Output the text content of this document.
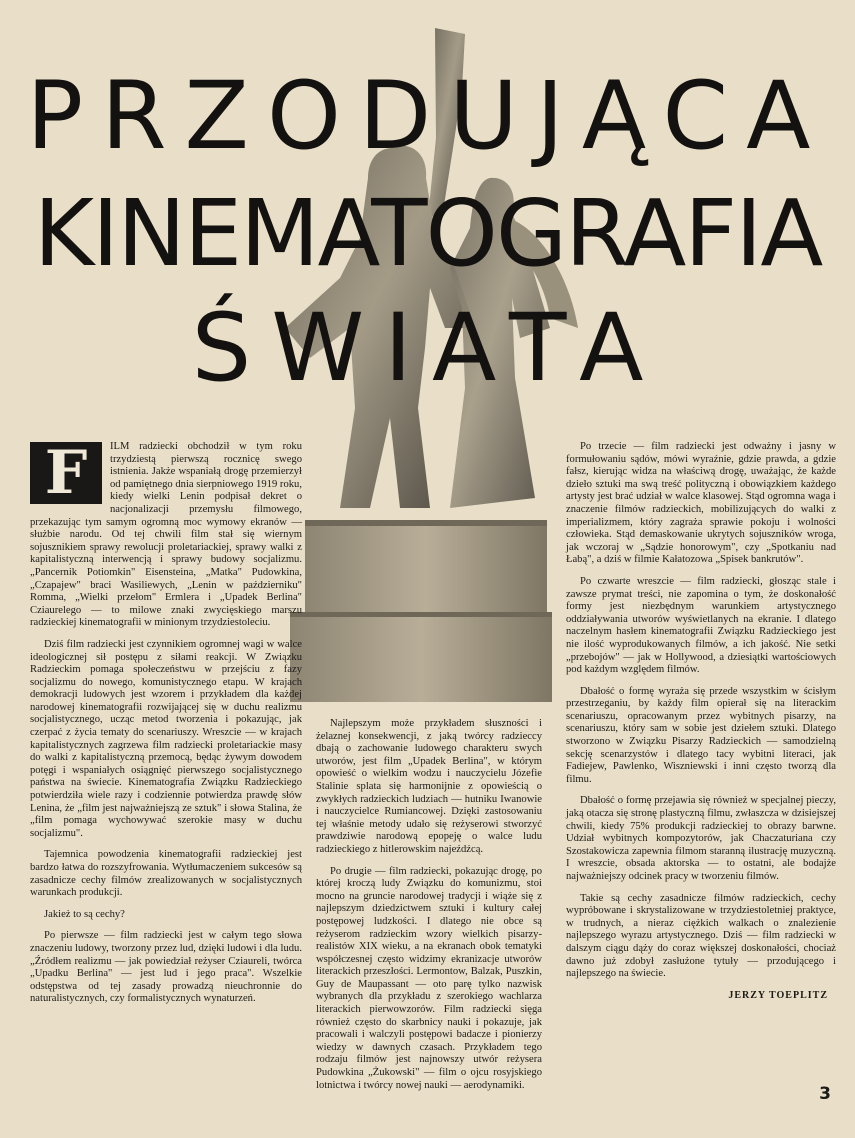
PRZODUJĄCA
KINEMATOGRAFIA
ŚWIATA

F	ILM radziecki obchodził w tym roku trzydziestą pierwszą rocznicę swego istnienia. Jakże wspaniałą drogę przemierzył od pamiętnego dnia sierpniowego 1919 roku, kiedy wielki Lenin podpisał dekret o nacjonalizacji przemysłu filmowego, przekazując tym samym ogromną moc wymowy ekranów — służbie narodu. Od tej chwili film stał się wiernym sojusznikiem sprawy rewolucji proletariackiej, sprawy walki z kapitalistyczną interwencją i sprawy budowy socjalizmu. „Pancernik Potiomkin" Eisensteina, „Matka" Pudowkina, „Czapajew" braci Wasiliewych, „Lenin w październiku" Romma, „Wielki przełom" Ermlera i „Upadek Berlina" Cziaurelego — to milowe znaki zwycięskiego marszu radzieckiej kinematografii w minionym trzydziestoleciu.

Dziś film radziecki jest czynnikiem ogromnej wagi w walce ideologicznej sił postępu z siłami reakcji. W Związku Radzieckim pomaga społeczeństwu w przejściu z fazy socjalizmu do nowego, komunistycznego etapu. W krajach demokracji ludowych jest wzorem i przykładem dla każdej narodowej kinematografii rozwijającej się w duchu realizmu socjalistycznego, ucząc metod tworzenia i pokazując, jak czerpać z życia tematy do scenariuszy. Wreszcie — w krajach kapitalistycznych zagrzewa film radziecki proletariackie masy do walki z kapitalistyczną przemocą, będąc żywym dowodem potęgi i wspaniałych osiągnięć pierwszego socjalistycznego państwa na świecie. Kinematografia Związku Radzieckiego potwierdziła wiele razy i codziennie potwierdza prawdę słów Lenina, że „film jest najważniejszą ze sztuk" i słowa Stalina, że „film pomaga wychowywać szerokie masy w duchu socjalizmu".

Tajemnica powodzenia kinematografii radzieckiej jest bardzo łatwa do rozszyfrowania. Wytłumaczeniem sukcesów są zasadnicze cechy filmów zrealizowanych w socjalistycznych warunkach produkcji.

Jakież to są cechy?

Po pierwsze — film radziecki jest w całym tego słowa znaczeniu ludowy, tworzony przez lud, dzięki ludowi i dla ludu. „Źródłem realizmu — jak powiedział reżyser Cziaureli, twórca „Upadku Berlina" — jest lud i jego praca". Wszelkie odstępstwa od tej zasady prowadzą nieuchronnie do naturalistycznych, czy formalistycznych wynaturzeń.

Najlepszym może przykładem słuszności i żelaznej konsekwencji, z jaką twórcy radzieccy dbają o zachowanie ludowego charakteru swych utworów, jest film „Upadek Berlina", w którym opowieść o wielkim wodzu i nauczycielu Józefie Stalinie splata się harmonijnie z opowieścią o zwykłych radzieckich ludziach — hutniku Iwanowie i nauczycielce Rumiancowej. Dzięki zastosowaniu tej właśnie metody udało się reżyserowi stworzyć prawdziwie narodową epopeję o walce ludu radzieckiego z hitlerowskim najeźdźcą.

Po drugie — film radziecki, pokazując drogę, po której kroczą ludy Związku do komunizmu, stoi mocno na gruncie narodowej tradycji i wiąże się z najlepszym dziedzictwem sztuki i kultury całej postępowej ludzkości. I dlatego nie obce są reżyserom radzieckim wzory wielkich pisarzy-realistów XIX wieku, a na ekranach obok tematyki współczesnej często widzimy ekranizacje utworów literackich przeszłości. Lermontow, Balzak, Puszkin, Guy de Maupassant — oto parę tylko nazwisk wybranych dla przykładu z szerokiego wachlarza literackich pierwowzorów. Film radziecki sięga również często do skarbnicy nauki i pokazuje, jak pracowali i walczyli postępowi badacze i pionierzy wiedzy w dawnych czasach. Przykładem tego rodzaju filmów jest najnowszy utwór reżysera Pudowkina „Żukowski" — film o ojcu rosyjskiego lotnictwa i twórcy nowej nauki — aerodynamiki.

Po trzecie — film radziecki jest odważny i jasny w formułowaniu sądów, mówi wyraźnie, gdzie prawda, a gdzie fałsz, kierując widza na właściwą drogę, uważając, że każde dzieło sztuki ma swą treść polityczną i obowiązkiem każdego artysty jest brać udział w walce klasowej. Stąd ogromna waga i znaczenie filmów radzieckich, mobilizujących do walki z imperializmem, który zagraża sprawie pokoju i wolności człowieka. Stąd demaskowanie ukrytych sojuszników wroga, jak wczoraj w „Sądzie honorowym", czy „Spotkaniu nad Łabą", a dziś w filmie Kałatozowa „Spisek bankrutów".

Po czwarte wreszcie — film radziecki, głosząc stale i zawsze prymat treści, nie zapomina o tym, że doskonałość formy jest niezbędnym warunkiem artystycznego oddziaływania utworów wyświetlanych na ekranie. I dlatego naczelnym hasłem kinematografii Związku Radzieckiego jest nie ilość wyprodukowanych filmów, a ich jakość. Nie setki „przebojów" — jak w Hollywood, a dziesiątki wartościowych pod każdym względem filmów.

Dbałość o formę wyraża się przede wszystkim w ścisłym przestrzeganiu, by każdy film opierał się na literackim scenariuszu, opracowanym przez wybitnych pisarzy, na scenariuszu, który sam w sobie jest dziełem sztuki. Dlatego stworzono w Związku Pisarzy Radzieckich — samodzielną sekcję scenarzystów i dlatego tacy wybitni literaci, jak Fadiejew, Pawlenko, Wiszniewski i inni często tworzą dla filmu.

Dbałość o formę przejawia się również w specjalnej pieczy, jaką otacza się stronę plastyczną filmu, zwłaszcza w dzisiejszej chwili, kiedy 75% produkcji radzieckiej to obrazy barwne. Udział wybitnych kompozytorów, jak Chaczaturiana czy Szostakowicza zapewnia filmom staranną ilustrację muzyczną. I wreszcie, obsada aktorska — to ostatni, ale bodajże najważniejszy odcinek pracy w tworzeniu filmów.

Takie są cechy zasadnicze filmów radzieckich, cechy wypróbowane i skrystalizowane w trzydziestoletniej praktyce, w trudnych, a nieraz ciężkich walkach o znalezienie najlepszego wyrazu artystycznego. Dziś — film radziecki w dalszym ciągu dąży do coraz większej doskonałości, chociaż dawno już zdobył zasłużone tytuły — przodującego i najlepszego na świecie.

JERZY TOEPLITZ
3
